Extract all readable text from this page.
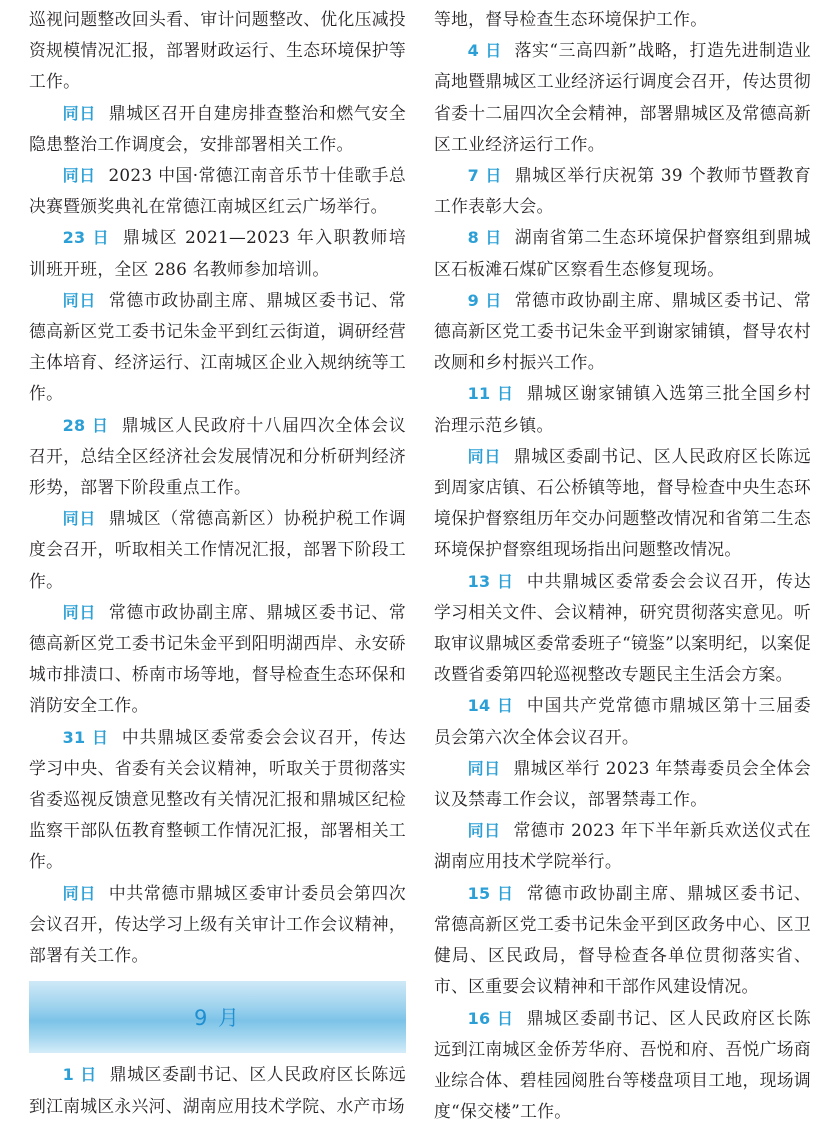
巡视问题整改回头看、审计问题整改、优化压减投资规模情况汇报，部署财政运行、生态环境保护等工作。

同日 鼎城区召开自建房排查整治和燃气安全隐患整治工作调度会，安排部署相关工作。

同日 2023 中国·常德江南音乐节十佳歌手总决赛暨颁奖典礼在常德江南城区红云广场举行。

23 日 鼎城区 2021—2023 年入职教师培训班开班，全区 286 名教师参加培训。

同日 常德市政协副主席、鼎城区委书记、常德高新区党工委书记朱金平到红云街道，调研经营主体培育、经济运行、江南城区企业入规纳统等工作。

28 日 鼎城区人民政府十八届四次全体会议召开，总结全区经济社会发展情况和分析研判经济形势，部署下阶段重点工作。

同日 鼎城区（常德高新区）协税护税工作调度会召开，听取相关工作情况汇报，部署下阶段工作。

同日 常德市政协副主席、鼎城区委书记、常德高新区党工委书记朱金平到阳明湖西岸、永安硚城市排渍口、桥南市场等地，督导检查生态环保和消防安全工作。

31 日 中共鼎城区委常委会会议召开，传达学习中央、省委有关会议精神，听取关于贯彻落实省委巡视反馈意见整改有关情况汇报和鼎城区纪检监察干部队伍教育整顿工作情况汇报，部署相关工作。

同日 中共常德市鼎城区委审计委员会第四次会议召开，传达学习上级有关审计工作会议精神，部署有关工作。

9 月

1 日 鼎城区委副书记、区人民政府区长陈远到江南城区永兴河、湖南应用技术学院、水产市场

等地，督导检查生态环境保护工作。

4 日 落实“三高四新”战略，打造先进制造业高地暨鼎城区工业经济运行调度会召开，传达贯彻省委十二届四次全会精神，部署鼎城区及常德高新区工业经济运行工作。

7 日 鼎城区举行庆祝第 39 个教师节暨教育工作表彰大会。

8 日 湖南省第二生态环境保护督察组到鼎城区石板滩石煤矿区察看生态修复现场。

9 日 常德市政协副主席、鼎城区委书记、常德高新区党工委书记朱金平到谢家铺镇，督导农村改厕和乡村振兴工作。

11 日 鼎城区谢家铺镇入选第三批全国乡村治理示范乡镇。

同日 鼎城区委副书记、区人民政府区长陈远到周家店镇、石公桥镇等地，督导检查中央生态环境保护督察组历年交办问题整改情况和省第二生态环境保护督察组现场指出问题整改情况。

13 日 中共鼎城区委常委会会议召开，传达学习相关文件、会议精神，研究贯彻落实意见。听取审议鼎城区委常委班子“镜鉴”以案明纪，以案促改暨省委第四轮巡视整改专题民主生活会方案。

14 日 中国共产党常德市鼎城区第十三届委员会第六次全体会议召开。

同日 鼎城区举行 2023 年禁毒委员会全体会议及禁毒工作会议，部署禁毒工作。

同日 常德市 2023 年下半年新兵欢送仪式在湖南应用技术学院举行。

15 日 常德市政协副主席、鼎城区委书记、常德高新区党工委书记朱金平到区政务中心、区卫健局、区民政局，督导检查各单位贯彻落实省、市、区重要会议精神和干部作风建设情况。

16 日 鼎城区委副书记、区人民政府区长陈远到江南城区金侨芳华府、吾悦和府、吾悦广场商业综合体、碧桂园阅胜台等楼盘项目工地，现场调度“保交楼”工作。
